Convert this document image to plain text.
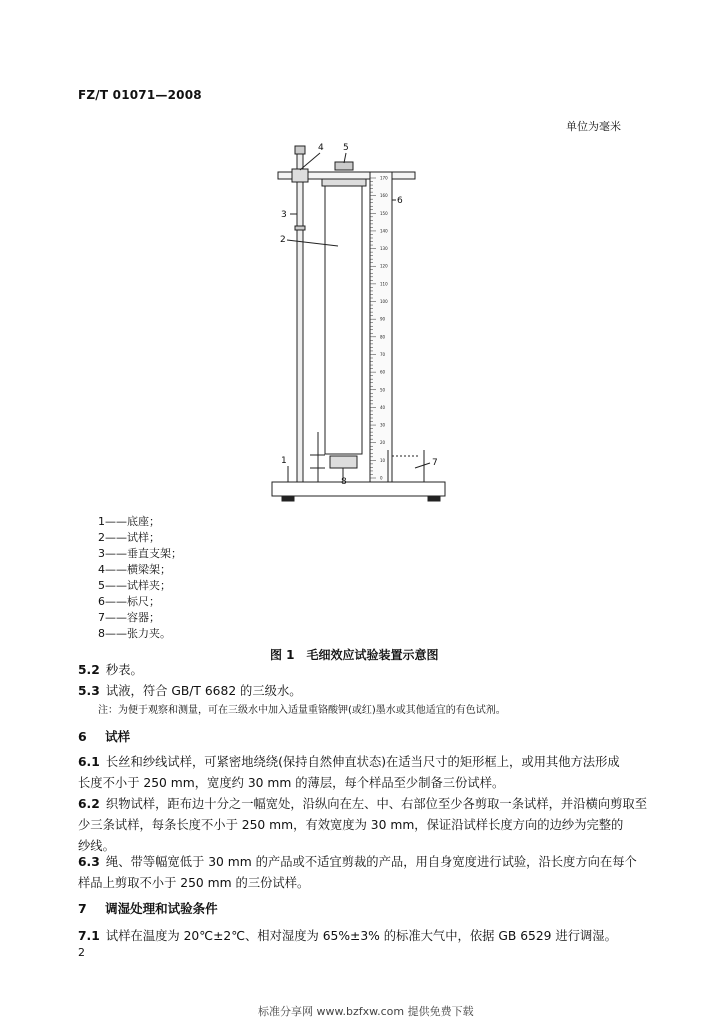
FZ/T 01071—2008
单位为毫米
1
2
3
4 5
6
7
8
170
160
150
140
130
120
110
100
90
80
70
60
50
40
30
20
10
0
1——底座；
2——试样；
3——垂直支架；
4——横梁架；
5——试样夹；
6——标尺；
7——容器；
8——张力夹。
图 1　毛细效应试验装置示意图
5.2 秒表。
5.3 试液，符合 GB/T 6682 的三级水。
注：为便于观察和测量，可在三级水中加入适量重铬酸钾(或红)墨水或其他适宜的有色试剂。
6 试样
6.1 长丝和纱线试样，可紧密地绕绕(保持自然伸直状态)在适当尺寸的矩形框上，或用其他方法形成
长度不小于 250 mm，宽度约 30 mm 的薄层，每个样品至少制备三份试样。
6.2 织物试样，距布边十分之一幅宽处，沿纵向在左、中、右部位至少各剪取一条试样，并沿横向剪取至
少三条试样，每条长度不小于 250 mm，有效宽度为 30 mm，保证沿试样长度方向的边纱为完整的
纱线。
6.3 绳、带等幅宽低于 30 mm 的产品或不适宜剪裁的产品，用自身宽度进行试验，沿长度方向在每个
样品上剪取不小于 250 mm 的三份试样。
7 调湿处理和试验条件
7.1 试样在温度为 20℃±2℃、相对湿度为 65%±3% 的标准大气中，依据 GB 6529 进行调湿。
2
标准分享网 www.bzfxw.com 提供免费下载
